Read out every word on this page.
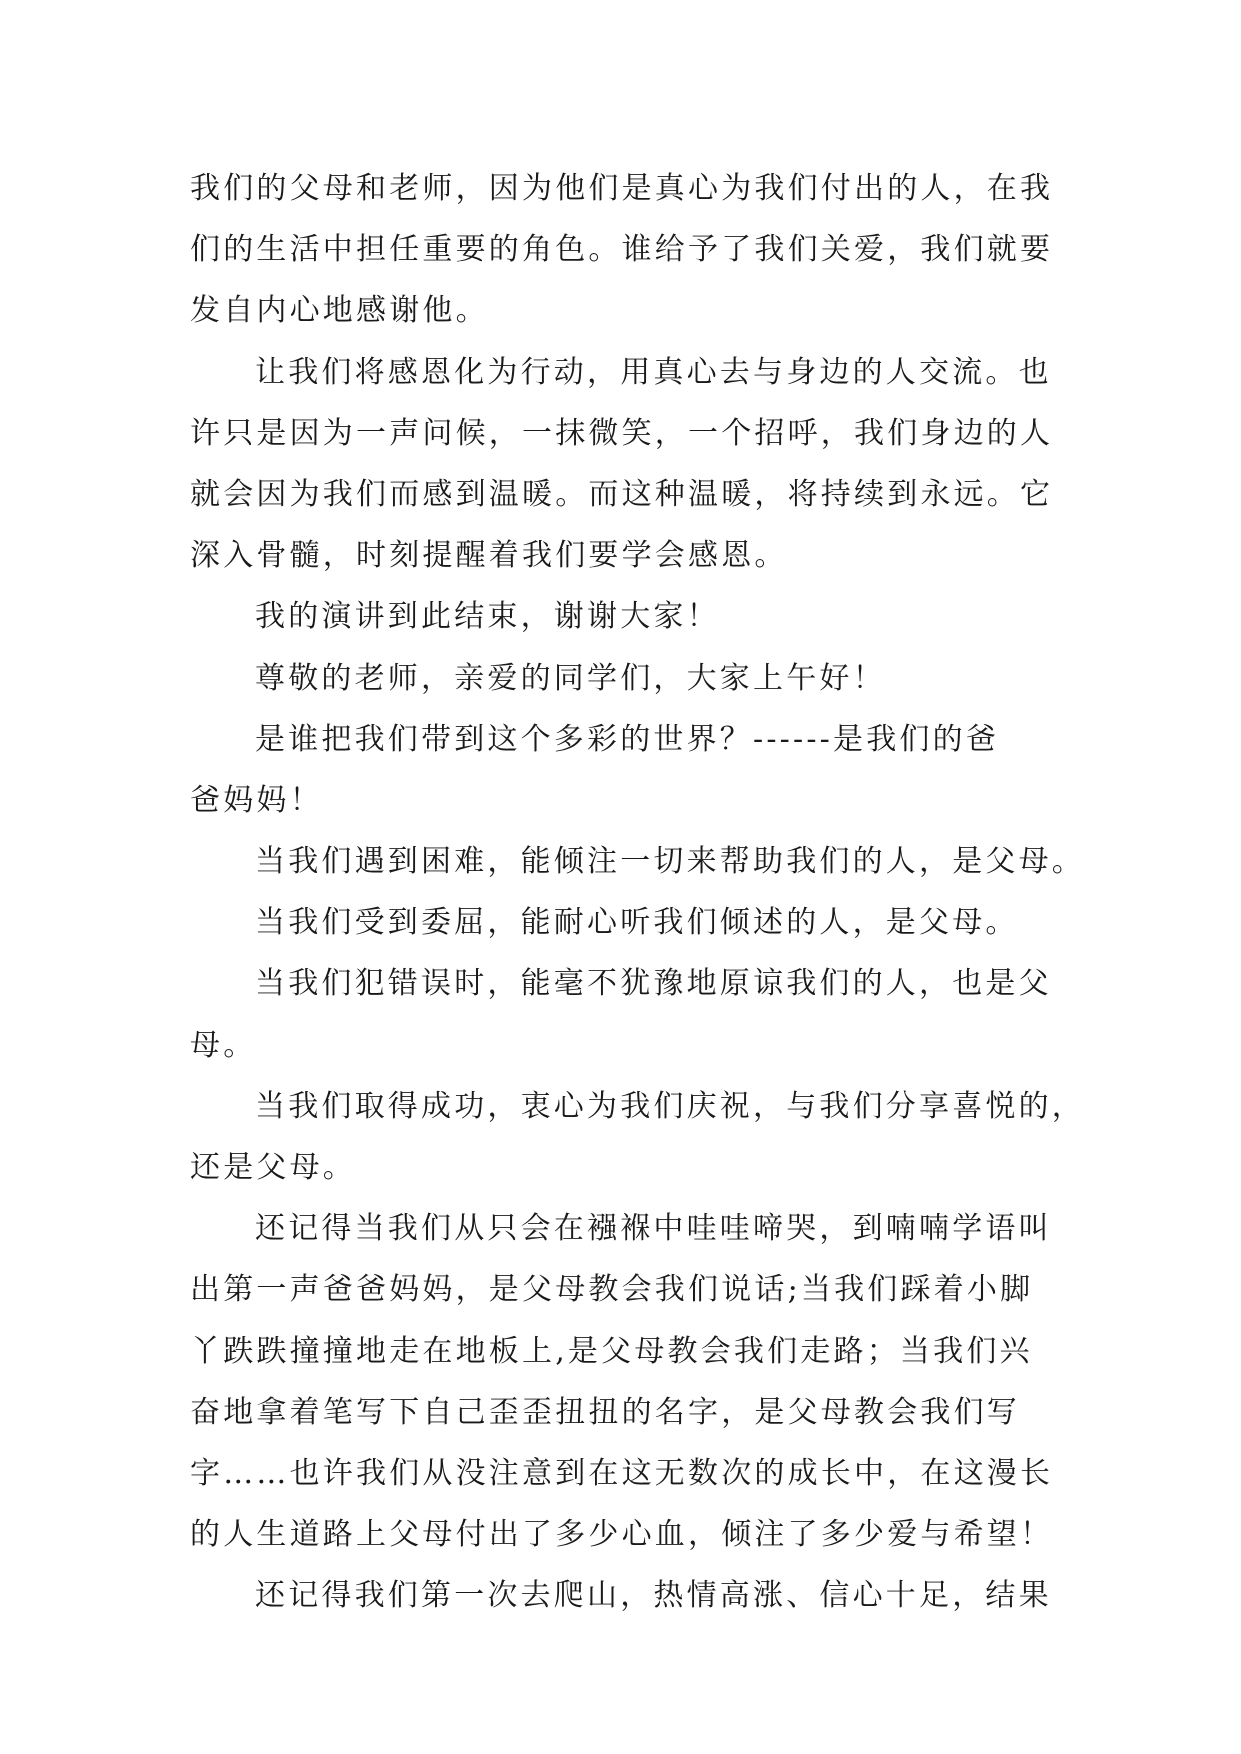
我们的父母和老师，因为他们是真心为我们付出的人，在我
们的生活中担任重要的角色。谁给予了我们关爱，我们就要
发自内心地感谢他。
让我们将感恩化为行动，用真心去与身边的人交流。也
许只是因为一声问候，一抹微笑，一个招呼，我们身边的人
就会因为我们而感到温暖。而这种温暖，将持续到永远。它
深入骨髓，时刻提醒着我们要学会感恩。
我的演讲到此结束，谢谢大家！
尊敬的老师，亲爱的同学们，大家上午好！
是谁把我们带到这个多彩的世界？------是我们的爸
爸妈妈！
当我们遇到困难，能倾注一切来帮助我们的人，是父母。
当我们受到委屈，能耐心听我们倾述的人，是父母。
当我们犯错误时，能毫不犹豫地原谅我们的人，也是父
母。
当我们取得成功，衷心为我们庆祝，与我们分享喜悦的，
还是父母。
还记得当我们从只会在襁褓中哇哇啼哭，到喃喃学语叫
出第一声爸爸妈妈，是父母教会我们说话;当我们踩着小脚
丫跌跌撞撞地走在地板上,是父母教会我们走路；当我们兴
奋地拿着笔写下自己歪歪扭扭的名字，是父母教会我们写
字……也许我们从没注意到在这无数次的成长中，在这漫长
的人生道路上父母付出了多少心血，倾注了多少爱与希望！
还记得我们第一次去爬山，热情高涨、信心十足，结果
